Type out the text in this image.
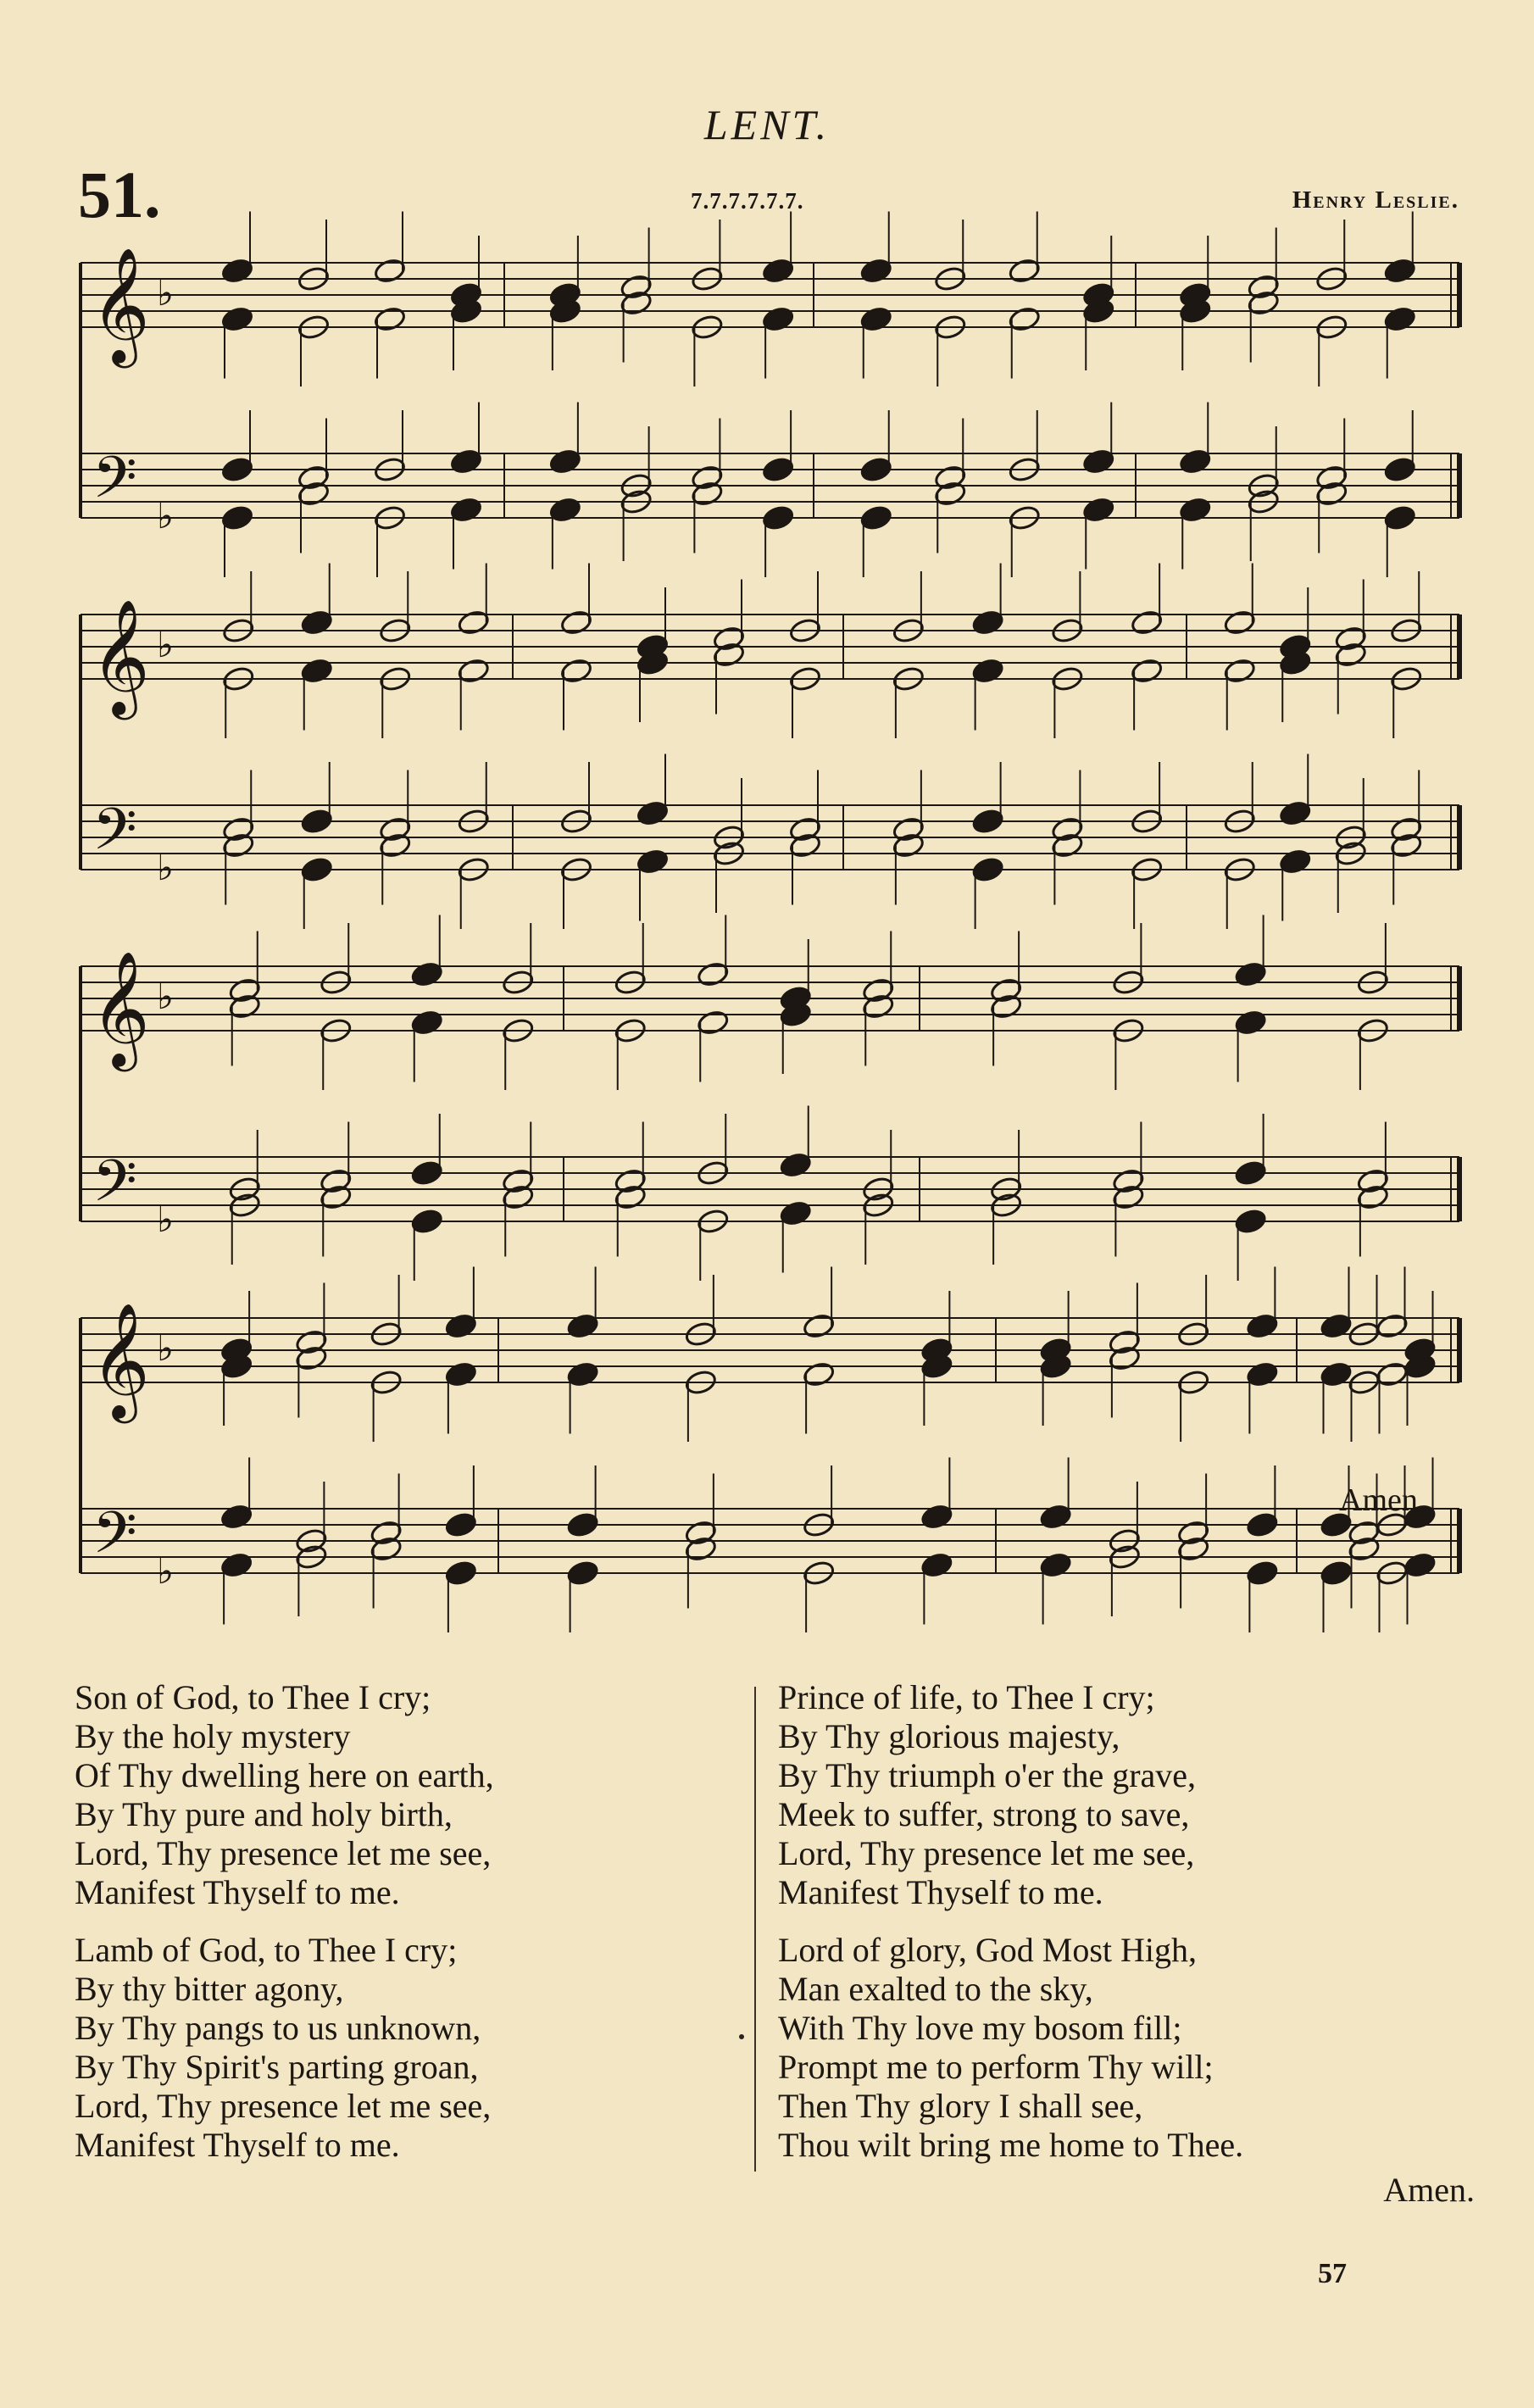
LENT.
51.	7.7.7.7.7.7.	Henry Leslie.
𝄞
𝄢
♭
♭
𝄞
𝄢
♭
♭
𝄞
𝄢
♭
♭
𝄞
𝄢
♭
♭
Amen.
Son of God, to Thee I cry;
By the holy mystery
Of Thy dwelling here on earth,
By Thy pure and holy birth,
Lord, Thy presence let me see,
Manifest Thyself to me.
Lamb of God, to Thee I cry;
By thy bitter agony,
By Thy pangs to us unknown,
By Thy Spirit's parting groan,
Lord, Thy presence let me see,
Manifest Thyself to me.
Prince of life, to Thee I cry;
By Thy glorious majesty,
By Thy triumph o'er the grave,
Meek to suffer, strong to save,
Lord, Thy presence let me see,
Manifest Thyself to me.
Lord of glory, God Most High,
Man exalted to the sky,
With Thy love my bosom fill;
Prompt me to perform Thy will;
Then Thy glory I shall see,
Thou wilt bring me home to Thee.
Amen.
57
